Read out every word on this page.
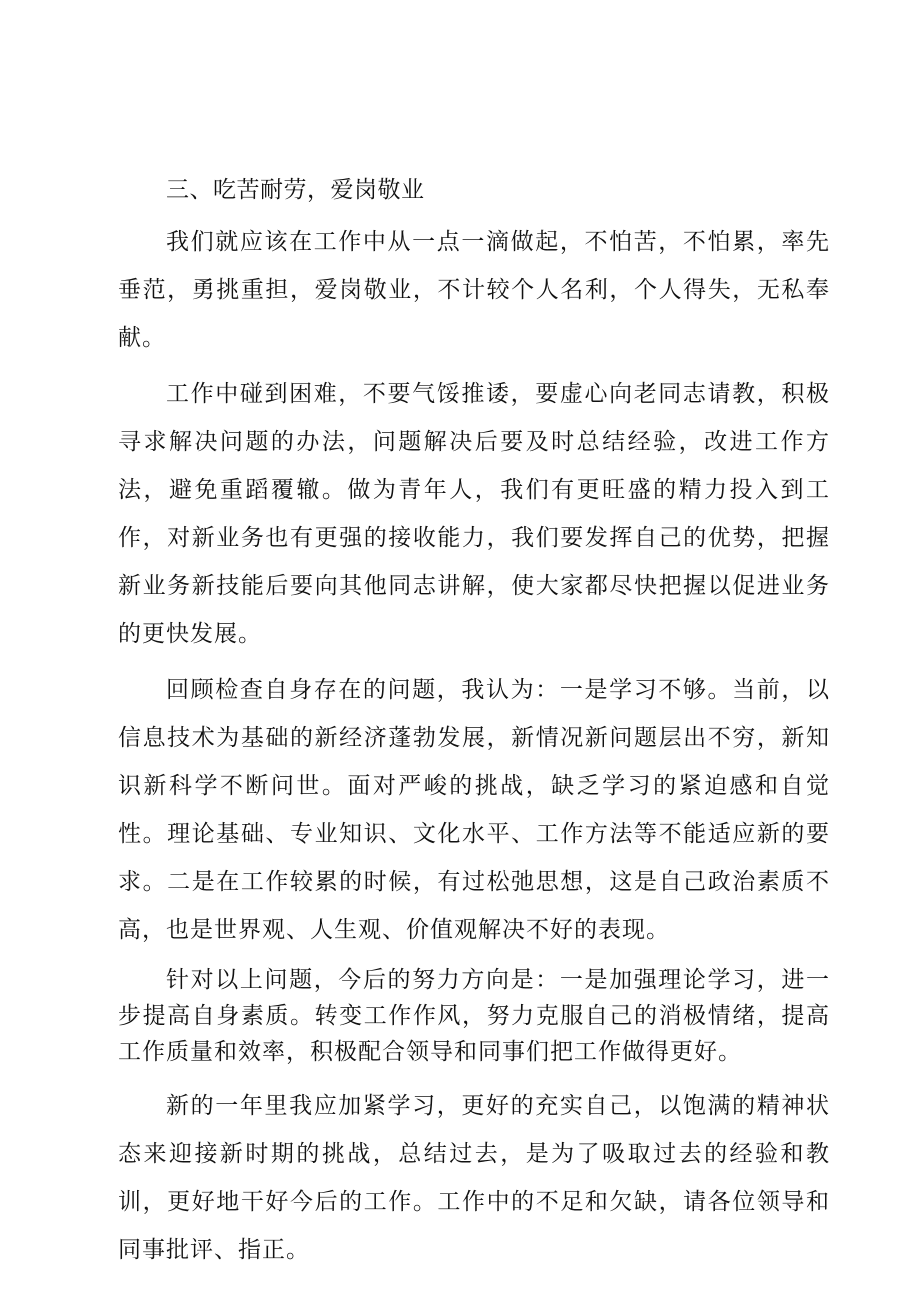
三、吃苦耐劳，爱岗敬业

我们就应该在工作中从一点一滴做起，不怕苦，不怕累，率先垂范，勇挑重担，爱岗敬业，不计较个人名利，个人得失，无私奉献。

工作中碰到困难，不要气馁推诿，要虚心向老同志请教，积极寻求解决问题的办法，问题解决后要及时总结经验，改进工作方法，避免重蹈覆辙。做为青年人，我们有更旺盛的精力投入到工作，对新业务也有更强的接收能力，我们要发挥自己的优势，把握新业务新技能后要向其他同志讲解，使大家都尽快把握以促进业务的更快发展。

回顾检查自身存在的问题，我认为：一是学习不够。当前，以信息技术为基础的新经济蓬勃发展，新情况新问题层出不穷，新知识新科学不断问世。面对严峻的挑战，缺乏学习的紧迫感和自觉性。理论基础、专业知识、文化水平、工作方法等不能适应新的要求。二是在工作较累的时候，有过松弛思想，这是自己政治素质不高，也是世界观、人生观、价值观解决不好的表现。

针对以上问题，今后的努力方向是：一是加强理论学习，进一步提高自身素质。转变工作作风，努力克服自己的消极情绪，提高工作质量和效率，积极配合领导和同事们把工作做得更好。

新的一年里我应加紧学习，更好的充实自己，以饱满的精神状态来迎接新时期的挑战，总结过去，是为了吸取过去的经验和教训，更好地干好今后的工作。工作中的不足和欠缺，请各位领导和同事批评、指正。
